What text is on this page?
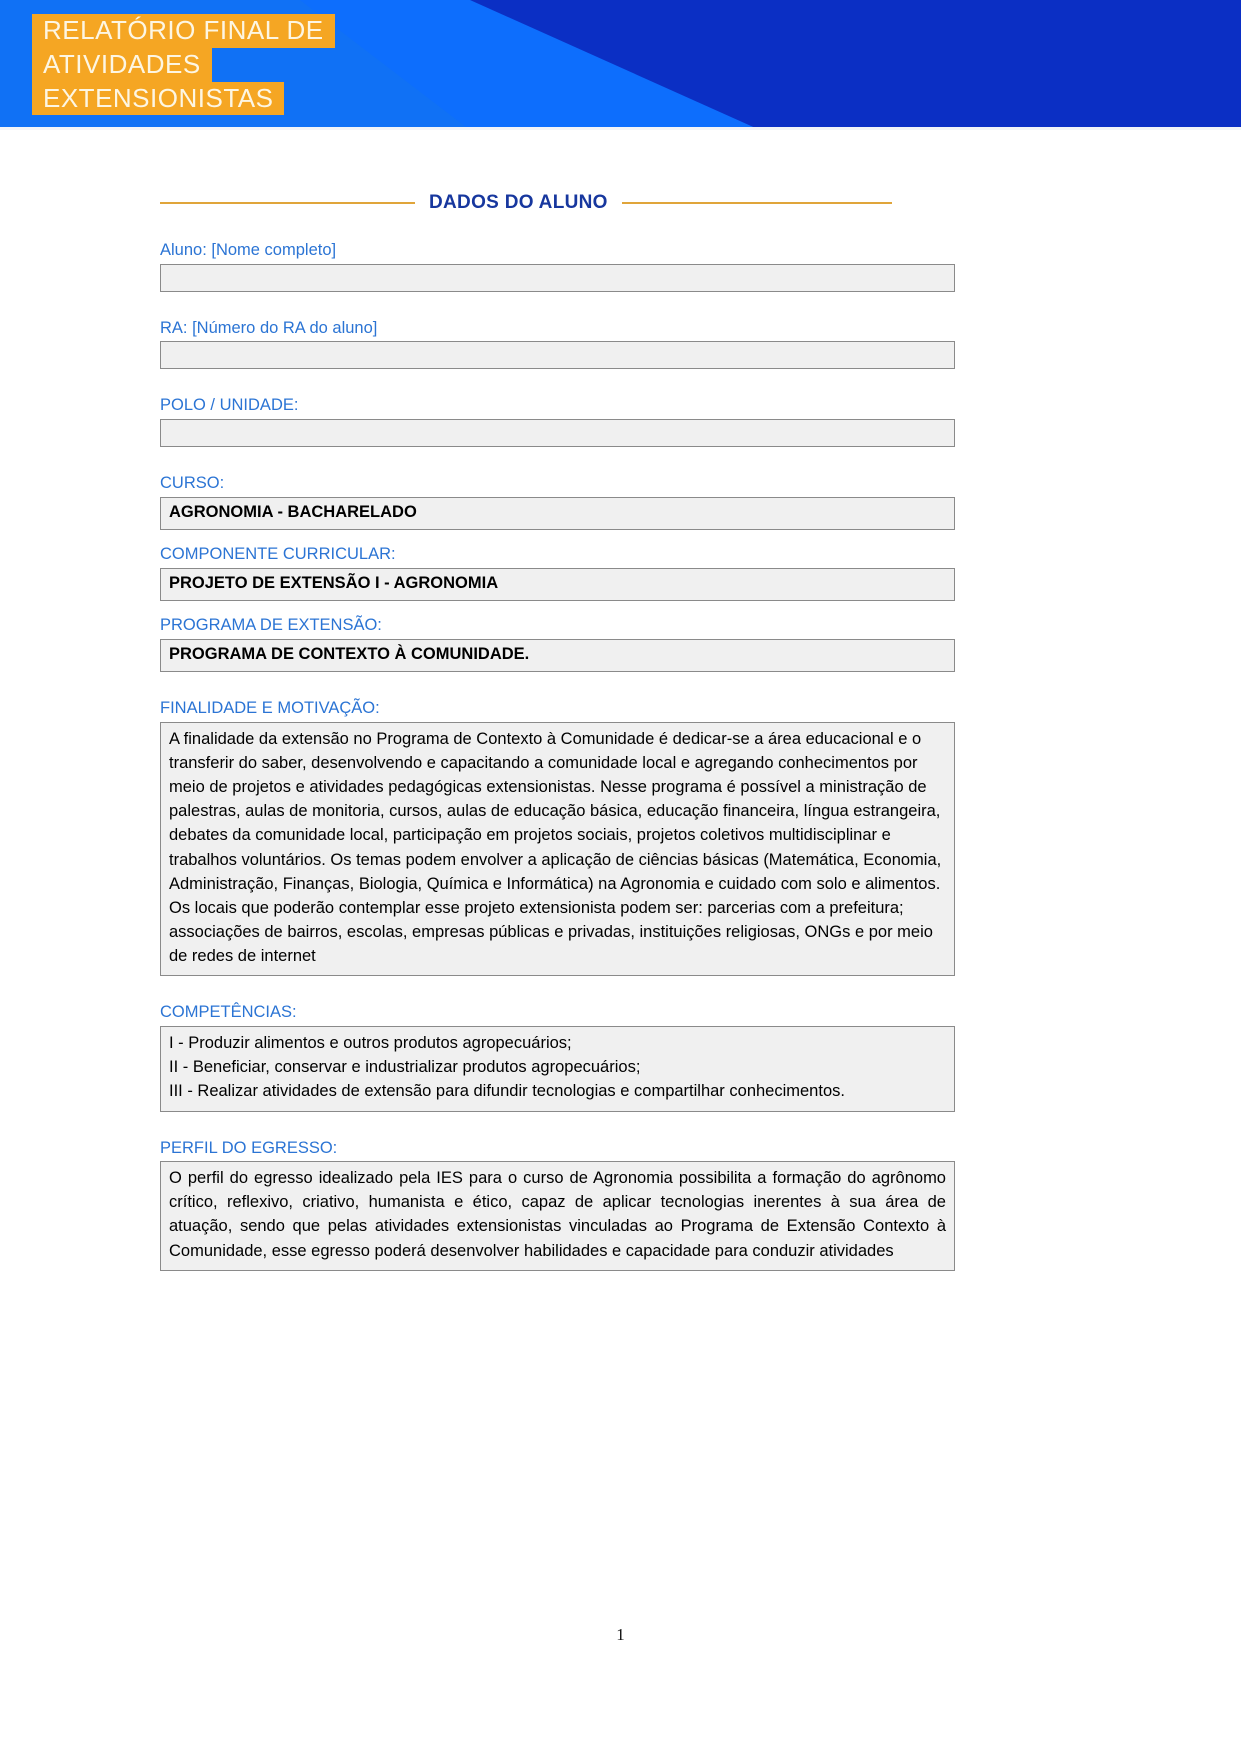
RELATÓRIO FINAL DE
ATIVIDADES
EXTENSIONISTAS
DADOS DO ALUNO
Aluno: [Nome completo]
RA: [Número do RA do aluno]
POLO / UNIDADE:
CURSO:
AGRONOMIA - BACHARELADO
COMPONENTE CURRICULAR:
PROJETO DE EXTENSÃO I - AGRONOMIA
PROGRAMA DE EXTENSÃO:
PROGRAMA DE CONTEXTO À COMUNIDADE.
FINALIDADE E MOTIVAÇÃO:
A finalidade da extensão no Programa de Contexto à Comunidade é dedicar-se a área educacional e o transferir do saber, desenvolvendo e capacitando a comunidade local e agregando conhecimentos por meio de projetos e atividades pedagógicas extensionistas. Nesse programa é possível a ministração de palestras, aulas de monitoria, cursos, aulas de educação básica, educação financeira, língua estrangeira, debates da comunidade local, participação em projetos sociais, projetos coletivos multidisciplinar e trabalhos voluntários. Os temas podem envolver a aplicação de ciências básicas (Matemática, Economia, Administração, Finanças, Biologia, Química e Informática) na Agronomia e cuidado com solo e alimentos. Os locais que poderão contemplar esse projeto extensionista podem ser: parcerias com a prefeitura; associações de bairros, escolas, empresas públicas e privadas, instituições religiosas, ONGs e por meio de redes de internet
COMPETÊNCIAS:
I - Produzir alimentos e outros produtos agropecuários;
II - Beneficiar, conservar e industrializar produtos agropecuários;
III - Realizar atividades de extensão para difundir tecnologias e compartilhar conhecimentos.
PERFIL DO EGRESSO:
O perfil do egresso idealizado pela IES para o curso de Agronomia possibilita a formação do agrônomo crítico, reflexivo, criativo, humanista e ético, capaz de aplicar tecnologias inerentes à sua área de atuação, sendo que pelas atividades extensionistas vinculadas ao Programa de Extensão Contexto à Comunidade, esse egresso poderá desenvolver habilidades e capacidade para conduzir atividades
1
